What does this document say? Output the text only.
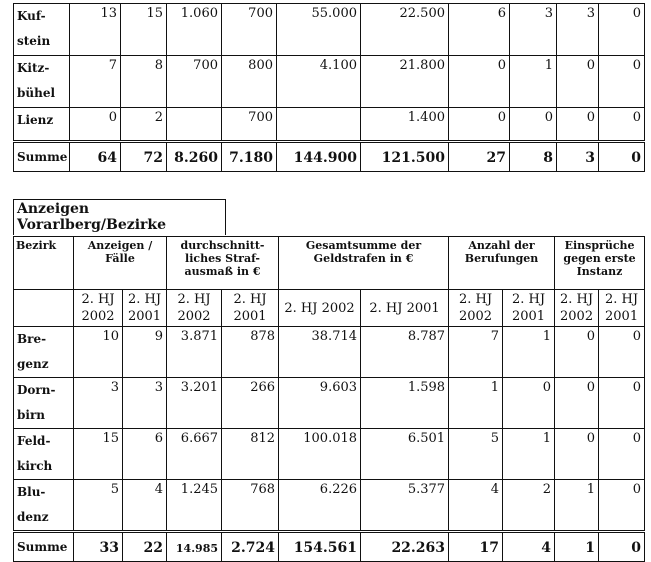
Kuf-
stein	13	15	1.060	700	55.000	22.500	6	3	3	0

Kitz-
bühel	7	8	700	800	4.100	21.800	0	1	0	0

Lienz	0	2		700		1.400	0	0	0	0
Summe	64	72	8.260	7.180	144.900	121.500	27	8	3	0
Anzeigen
Vorarlberg/Bezirke
Bezirk	Anzeigen / Fälle		durchschnitt-liches Straf-ausmaß in €		Gesamtsumme der Geldstrafen in €		Anzahl der Berufungen		Einsprüche gegen erste Instanz	
	2. HJ 2002	2. HJ 2001	2. HJ 2002	2. HJ 2001	2. HJ 2002	2. HJ 2001	2. HJ 2002	2. HJ 2001	2. HJ 2002	2. HJ 2001

Bre-
genz	10	9	3.871	878	38.714	8.787	7	1	0	0

Dorn-
birn	3	3	3.201	266	9.603	1.598	1	0	0	0

Feld-
kirch	15	6	6.667	812	100.018	6.501	5	1	0	0

Blu-
denz	5	4	1.245	768	6.226	5.377	4	2	1	0
Summe	33	22	14.985	2.724	154.561	22.263	17	4	1	0
